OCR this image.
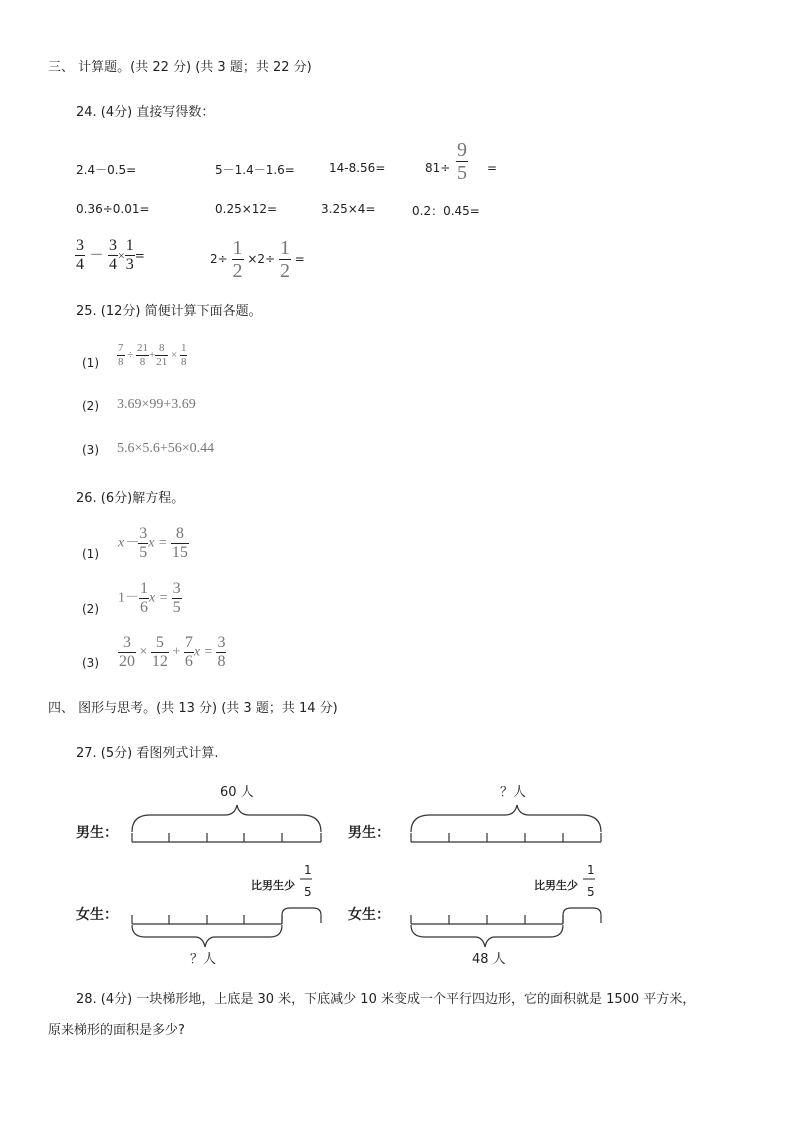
三、 计算题。(共 22 分) (共 3 题；共 22 分)
24. (4分) 直接写得数：
2.4－0.5=	5－1.4－1.6=	14-8.56=	$81\div \frac{9}{5}$ =
0.36÷0.01=	0.25×12=	3.25×4=	0.2：0.45=
$\frac{3}{4} - \frac{3}{4} \times \frac{1}{3}$ =	$2\div \frac{1}{2} \times 2\div \frac{1}{2}$ =
25. (12分) 简便计算下面各题。
$(1) \frac{7}{8} \div \frac{21}{8} + \frac{8}{21} \times \frac{1}{8}$
(2) 3.69×99+3.69
(3) 5.6×5.6+56×0.44
26. (6分)解方程。
(1)
$x- \frac{3}{5}$ $x = \frac{8}{15}$
(2)
$1- \frac{1}{6}$ $x = \frac{3}{5}$
$(3) \frac{3}{20} \times \frac{5}{12} + \frac{7}{6}$ $x = \frac{3}{8}$
四、 图形与思考。(共 13 分) (共 3 题；共 14 分)
27. (5分) 看图列式计算.
60 人
男生：
女生：
比男生少
1
5
？人
？人
男生：
女生：
比男生少
1
5
48 人
28. (4分) 一块梯形地，上底是 30 米，下底减少 10 米变成一个平行四边形，它的面积就是 1500 平方米，
原来梯形的面积是多少?
